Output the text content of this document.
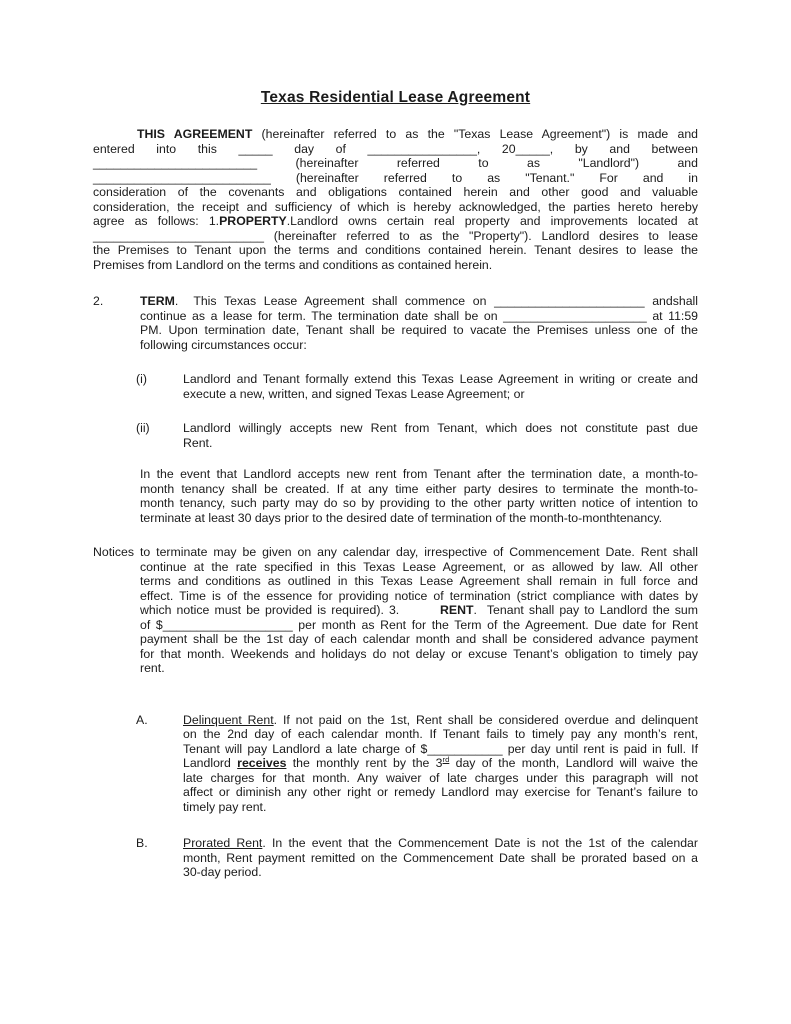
Texas Residential Lease Agreement
THIS AGREEMENT (hereinafter referred to as the "Texas Lease Agreement") is made and
entered into this _____ day of ________________, 20_____, by and between
________________________ (hereinafter referred to as "Landlord") and
__________________________ (hereinafter referred to as "Tenant." For and in
consideration of the covenants and obligations contained herein and other good and valuable
consideration, the receipt and sufficiency of which is hereby acknowledged, the parties hereto hereby
agree as follows: 1.PROPERTY.Landlord owns certain real property and improvements located at
_________________________ (hereinafter referred to as the "Property"). Landlord desires to lease
the Premises to Tenant upon the terms and conditions contained herein. Tenant desires to lease the
Premises from Landlord on the terms and conditions as contained herein.
2.	TERM.  This Texas Lease Agreement shall commence on ______________________ andshall
continue as a lease for term. The termination date shall be on _____________________ at 11:59
PM. Upon termination date, Tenant shall be required to vacate the Premises unless one of the
following circumstances occur:
(i)	Landlord and Tenant formally extend this Texas Lease Agreement in writing or create and
execute a new, written, and signed Texas Lease Agreement; or
(ii)	Landlord willingly accepts new Rent from Tenant, which does not constitute past due
Rent.
In the event that Landlord accepts new rent from Tenant after the termination date, a month-to-
month tenancy shall be created. If at any time either party desires to terminate the month-to-
month tenancy, such party may do so by providing to the other party written notice of intention to
terminate at least 30 days prior to the desired date of termination of the month-to-monthtenancy.
Notices to terminate may be given on any calendar day, irrespective of Commencement Date. Rent shall
continue at the rate specified in this Texas Lease Agreement, or as allowed by law. All other
terms and conditions as outlined in this Texas Lease Agreement shall remain in full force and
effect. Time is of the essence for providing notice of termination (strict compliance with dates by
which notice must be provided is required). 3.        RENT.  Tenant shall pay to Landlord the sum
of $___________________ per month as Rent for the Term of the Agreement. Due date for Rent
payment shall be the 1st day of each calendar month and shall be considered advance payment
for that month. Weekends and holidays do not delay or excuse Tenant’s obligation to timely pay
rent.
A.	Delinquent Rent. If not paid on the 1st, Rent shall be considered overdue and delinquent
on the 2nd day of each calendar month. If Tenant fails to timely pay any month’s rent,
Tenant will pay Landlord a late charge of $___________ per day until rent is paid in full. If
Landlord receives the monthly rent by the 3rd day of the month, Landlord will waive the
late charges for that month. Any waiver of late charges under this paragraph will not
affect or diminish any other right or remedy Landlord may exercise for Tenant’s failure to
timely pay rent.
B.	Prorated Rent. In the event that the Commencement Date is not the 1st of the calendar
month, Rent payment remitted on the Commencement Date shall be prorated based on a
30-day period.
